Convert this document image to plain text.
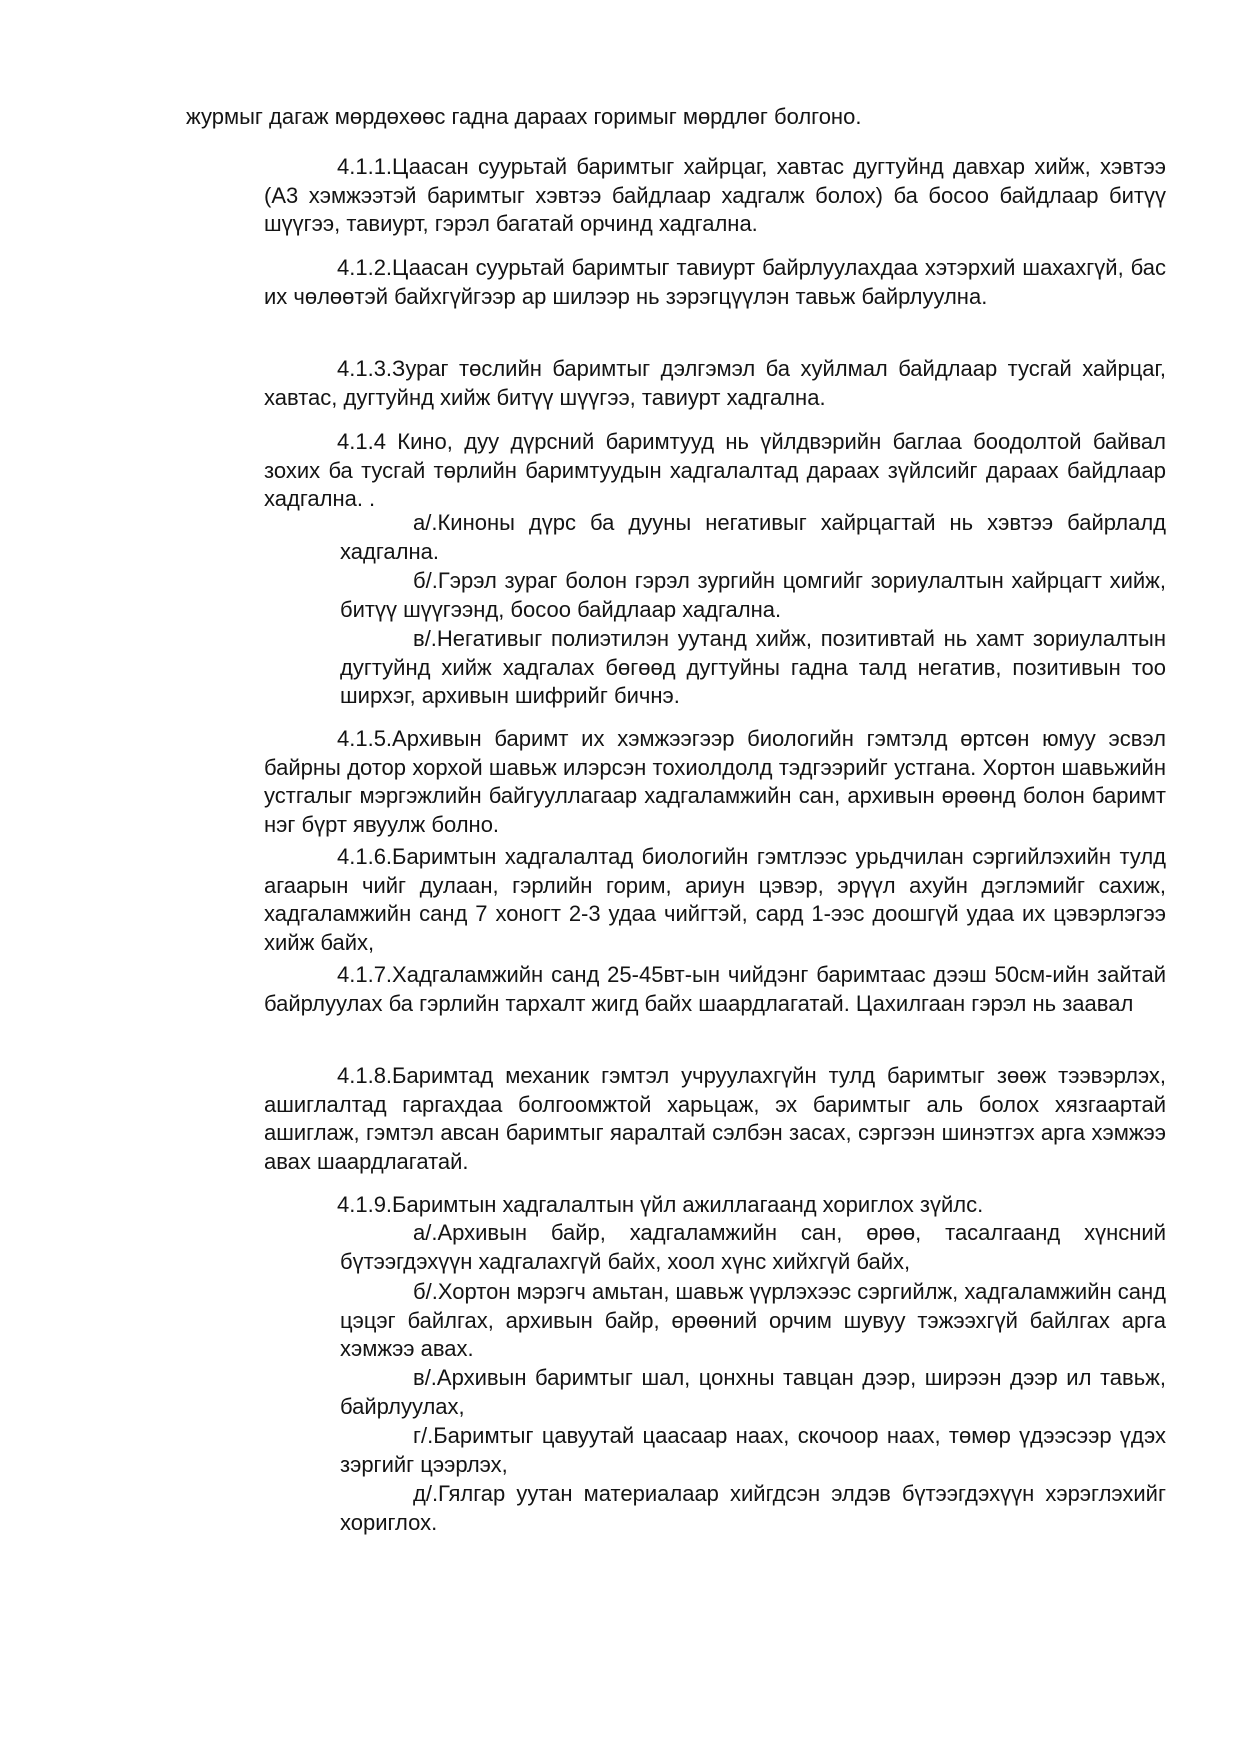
журмыг дагаж мөрдөхөөс гадна дараах горимыг мөрдлөг болгоно.

4.1.1.Цаасан суурьтай баримтыг хайрцаг, хавтас дугтуйнд давхар хийж, хэвтээ (А3 хэмжээтэй баримтыг хэвтээ байдлаар хадгалж болох) ба босоо байдлаар битүү шүүгээ, тавиурт, гэрэл багатай орчинд хадгална.

4.1.2.Цаасан суурьтай баримтыг тавиурт байрлуулахдаа хэтэрхий шахахгүй, бас их чөлөөтэй байхгүйгээр ар шилээр нь зэрэгцүүлэн тавьж байрлуулна.

4.1.3.Зураг төслийн баримтыг дэлгэмэл ба хуйлмал байдлаар тусгай хайрцаг, хавтас, дугтуйнд хийж битүү шүүгээ, тавиурт хадгална.

4.1.4 Кино, дуу дүрсний баримтууд нь үйлдвэрийн баглаа боодолтой байвал зохих ба тусгай төрлийн баримтуудын хадгалалтад дараах зүйлсийг дараах байдлаар хадгална. .

а/.Киноны дүрс ба дууны негативыг хайрцагтай нь хэвтээ байрлалд хадгална.

б/.Гэрэл зураг болон гэрэл зургийн цомгийг зориулалтын хайрцагт хийж, битүү шүүгээнд, босоо байдлаар хадгална.

в/.Негативыг полиэтилэн уутанд хийж, позитивтай нь хамт зориулалтын дугтуйнд хийж хадгалах бөгөөд дугтуйны гадна талд негатив, позитивын тоо ширхэг, архивын шифрийг бичнэ.

4.1.5.Архивын баримт их хэмжээгээр биологийн гэмтэлд өртсөн юмуу эсвэл байрны дотор хорхой шавьж илэрсэн тохиолдолд тэдгээрийг устгана. Хортон шавьжийн устгалыг мэргэжлийн байгууллагаар хадгаламжийн сан, архивын өрөөнд болон баримт нэг бүрт явуулж болно.

4.1.6.Баримтын хадгалалтад биологийн гэмтлээс урьдчилан сэргийлэхийн тулд агаарын чийг дулаан, гэрлийн горим, ариун цэвэр, эрүүл ахуйн дэглэмийг сахиж, хадгаламжийн санд 7 хоногт 2-3 удаа чийгтэй, сард 1-ээс доошгүй удаа их цэвэрлэгээ хийж байх,

4.1.7.Хадгаламжийн санд 25-45вт-ын чийдэнг баримтаас дээш 50см-ийн зайтай байрлуулах ба гэрлийн тархалт жигд байх шаардлагатай. Цахилгаан гэрэл нь заавал

4.1.8.Баримтад механик гэмтэл учруулахгүйн тулд баримтыг зөөж тээвэрлэх, ашиглалтад гаргахдаа болгоомжтой харьцаж, эх баримтыг аль болох хязгаартай ашиглаж, гэмтэл авсан баримтыг яаралтай сэлбэн засах, сэргээн шинэтгэх арга хэмжээ авах шаардлагатай.

4.1.9.Баримтын хадгалалтын үйл ажиллагаанд хориглох зүйлс.

а/.Архивын байр, хадгаламжийн сан, өрөө, тасалгаанд хүнсний бүтээгдэхүүн хадгалахгүй байх, хоол хүнс хийхгүй байх,

б/.Хортон мэрэгч амьтан, шавьж үүрлэхээс сэргийлж, хадгаламжийн санд цэцэг байлгах, архивын байр, өрөөний орчим шувуу тэжээхгүй байлгах арга хэмжээ авах.

в/.Архивын баримтыг шал, цонхны тавцан дээр, ширээн дээр ил тавьж, байрлуулах,

г/.Баримтыг цавуутай цаасаар наах, скочоор наах, төмөр үдээсээр үдэх зэргийг цээрлэх,

д/.Гялгар уутан материалаар хийгдсэн элдэв бүтээгдэхүүн хэрэглэхийг хориглох.
